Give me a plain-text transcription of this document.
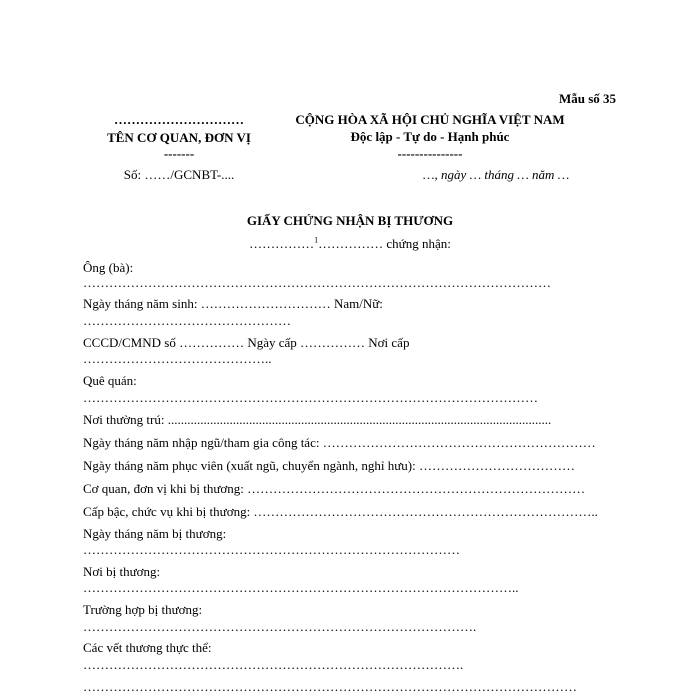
Mẫu số 35
…………………………
TÊN CƠ QUAN, ĐƠN VỊ
-------
Số: ……/GCNBT-....
CỘNG HÒA XÃ HỘI CHỦ NGHĨA VIỆT NAM
Độc lập - Tự do - Hạnh phúc
---------------
…, ngày … tháng … năm …
GIẤY CHỨNG NHẬN BỊ THƯƠNG
……………$^1$…………… chứng nhận:
Ông (bà):
………………………………………………………………………………………………
Ngày tháng năm sinh: ………………………… Nam/Nữ:
…………………………………………
CCCD/CMND số …………… Ngày cấp …………… Nơi cấp
……………………………………..
Quê quán:
……………………………………………………………………………………………
Nơi thường trú: ......................................................................................................................
Ngày tháng năm nhập ngũ/tham gia công tác: ………………………………………………………
Ngày tháng năm phục viên (xuất ngũ, chuyển ngành, nghỉ hưu): ………………………………
Cơ quan, đơn vị khi bị thương: ……………………………………………………………………
Cấp bậc, chức vụ khi bị thương: ……………………………………………………………………..
Ngày tháng năm bị thương:
……………………………………………………………………………
Nơi bị thương:
………………………………………………………………………………………..
Trường hợp bị thương:
……………………………………………………………………………….
Các vết thương thực thể:
…………………………………………………………………………….
……………………………………………………………………………………………………
